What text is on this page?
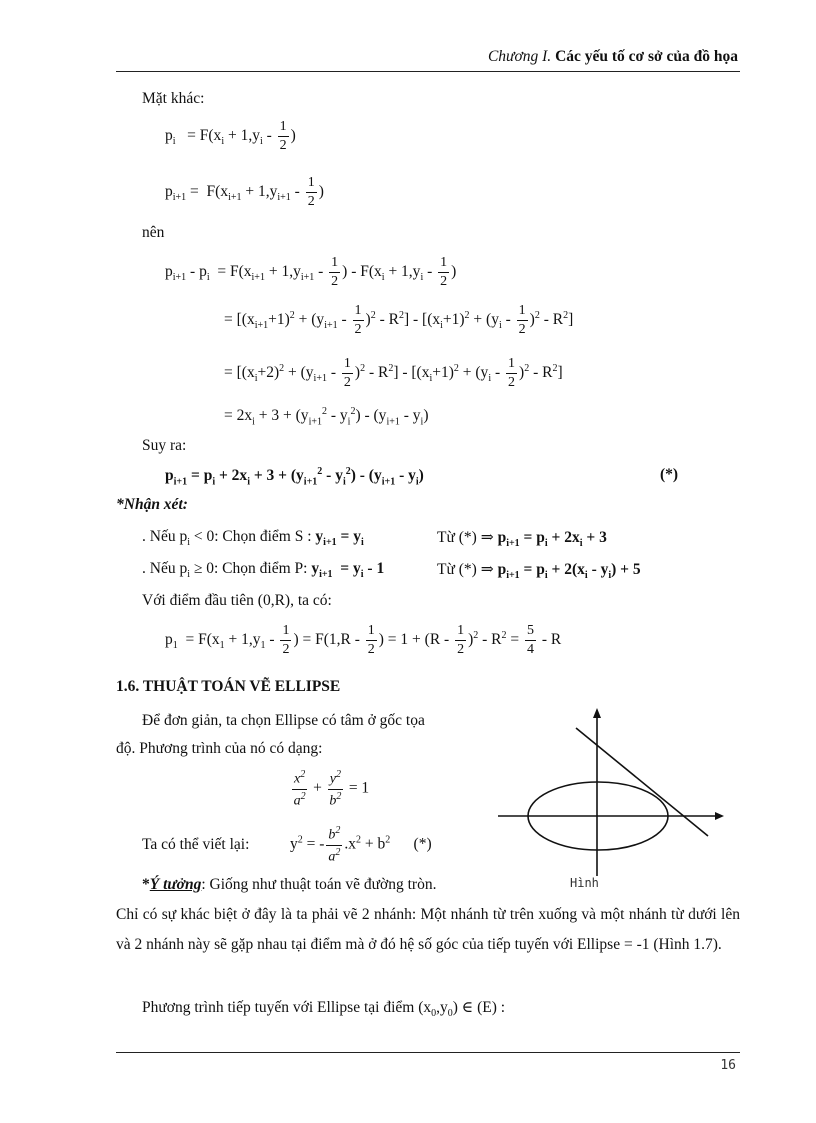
Chương I. Các yếu tố cơ sở của đồ họa
Mặt khác:
$p_i = F(x_i + 1,y_i - \frac{1}{2}$ )
$p_{i+1} = F(x_{i+1} + 1,y_{i+1} - \frac{1}{2}$ )
nên
$p_{i+1} - p_i = F(x_{i+1} + 1,y_{i+1} - \frac{1}{2}$ ) - $F(x_i + 1,y_i - \frac{1}{2}$ )
= $[(x_{i+1}+1)^2 + (y_{i+1} - \frac{1}{2} )^2 - R^2] - [(x_i+1)^2 + (y_i - \frac{1}{2} )^2 - R^2]$
= $[(x_i+2)^2 + (y_{i+1} - \frac{1}{2} )^2 - R^2] - [(x_i+1)^2 + (y_i - \frac{1}{2} )^2 - R^2]$
= $2x_i + 3 + (y_{i+1}^2 - y_i^2) - (y_{i+1} - y_i)$
Suy ra:
$p_{i+1} = p_i + 2x_i + 3 + (y_{i+1}^2 - y_i^2) - (y_{i+1} - y_i)$	(*)
*Nhận xét:
. Nếu $p_i < 0$: Chọn điểm S : $y_{i+1} = y_i$	Từ (*) ⇒ $p_{i+1} = p_i + 2x_i + 3$
. Nếu $p_i \ge 0$: Chọn điểm P: $y_{i+1} = y_i - 1$	Từ (*) ⇒ $p_{i+1} = p_i + 2(x_i - y_i) + 5$
Với điểm đầu tiên (0,R), ta có:
$p_1 = F(x_1 + 1,y_1 - \frac{1}{2}$ ) = $F(1,R - \frac{1}{2}$ ) = $1 + (R - \frac{1}{2} )^2 - R^2 = \frac{5}{4} - R$
1.6. THUẬT TOÁN VẼ ELLIPSE
Để đơn giản, ta chọn Ellipse có tâm ở gốc tọa
độ. Phương trình của nó có dạng:
$\frac{x^2}{a^2} + \frac{y^2}{b^2} = 1$
Ta có thể viết lại:	$y^2$ = - $\frac{b^2}{a^2} .x^2 + b^2$      (*)
*Ý tưởng: Giống như thuật toán vẽ đường tròn.	Hình
Chỉ có sự khác biệt ở đây là ta phải vẽ 2 nhánh: Một nhánh từ trên xuống và một nhánh từ dưới lên và 2 nhánh này sẽ gặp nhau tại điểm mà ở đó hệ số góc của tiếp tuyến với Ellipse = -1 (Hình 1.7).
Phương trình tiếp tuyến với Ellipse tại điểm $(x_0,y_0)$ ∈ (E) :
16
